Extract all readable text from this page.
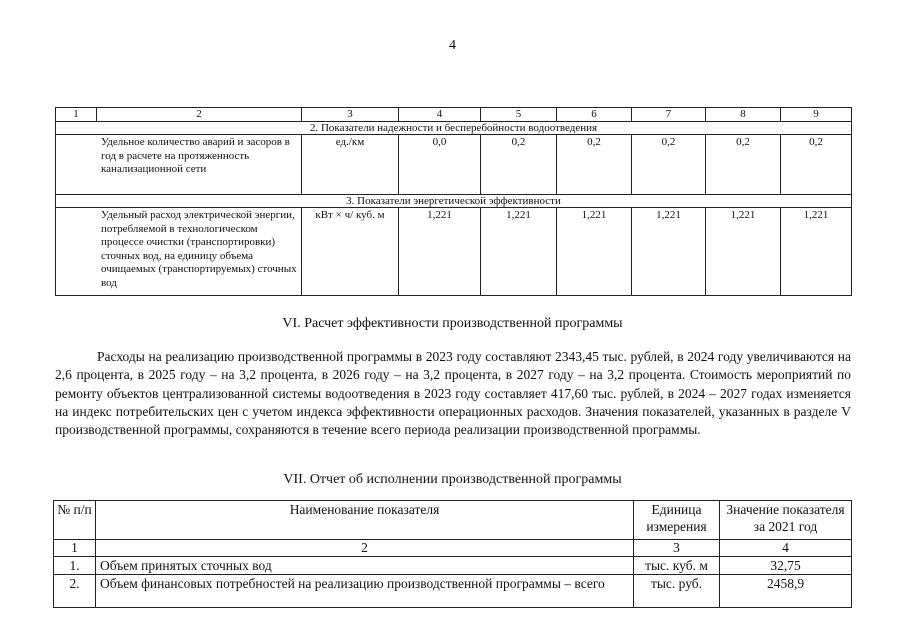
4
1	2	3	4	5	6	7	8	9
2. Показатели надежности и бесперебойности водоотведения								
Удельное количество аварий и засоров в год в расчете на протяженность канализационной сети		ед./км	0,0	0,2	0,2	0,2	0,2	0,2
3. Показатели энергетической эффективности								
Удельный расход электрической энергии, потребляемой в технологическом процессе очистки (транспортировки) сточных вод, на единицу объема очищаемых (транспортируемых) сточных вод		кВт × ч/ куб. м	1,221	1,221	1,221	1,221	1,221	1,221
VI. Расчет эффективности производственной программы

Расходы на реализацию производственной программы в 2023 году составляют 2343,45 тыс. рублей, в 2024 году увеличиваются на 2,6 процента, в 2025 году – на 3,2 процента, в 2026 году – на 3,2 процента, в 2027 году – на 3,2 процента. Стоимость мероприятий по ремонту объектов централизованной системы водоотведения в 2023 году составляет 417,60 тыс. рублей, в 2024 – 2027 годах изменяется на индекс потребительских цен с учетом индекса эффективности операционных расходов. Значения показателей, указанных в разделе V производственной программы, сохраняются в течение всего периода реализации производственной программы.

VII. Отчет об исполнении производственной программы
№ п/п	Наименование показателя	Единица измерения	Значение показателя за 2021 год
1	2	3	4
1.	Объем принятых сточных вод	тыс. куб. м	32,75
2.	Объем финансовых потребностей на реализацию производственной программы – всего	тыс. руб.	2458,9
